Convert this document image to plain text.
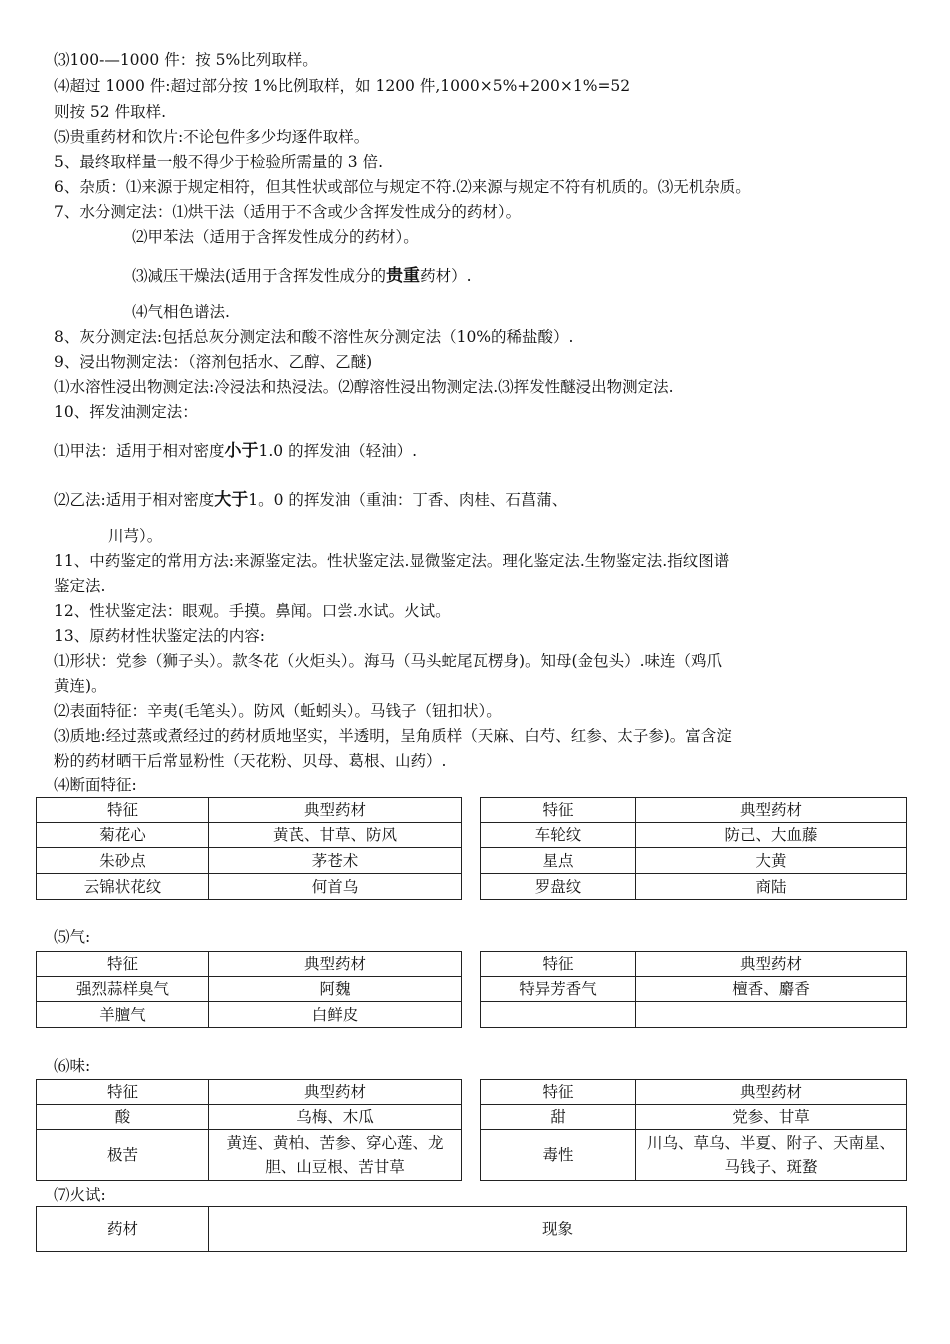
⑶100-—1000 件：按 5%比列取样。
⑷超过 1000 件:超过部分按 1%比例取样，如 1200 件,1000×5%+200×1%=52
则按 52 件取样.
⑸贵重药材和饮片:不论包件多少均逐件取样。
5、最终取样量一般不得少于检验所需量的 3 倍.
6、杂质：⑴来源于规定相符，但其性状或部位与规定不符.⑵来源与规定不符有机质的。⑶无机杂质。
7、水分测定法：⑴烘干法（适用于不含或少含挥发性成分的药材）。
⑵甲苯法（适用于含挥发性成分的药材）。
⑶减压干燥法(适用于含挥发性成分的贵重药材）.
⑷气相色谱法.
8、灰分测定法:包括总灰分测定法和酸不溶性灰分测定法（10%的稀盐酸）.
9、浸出物测定法：（溶剂包括水、乙醇、乙醚)
⑴水溶性浸出物测定法:冷浸法和热浸法。⑵醇溶性浸出物测定法.⑶挥发性醚浸出物测定法.
10、挥发油测定法：
⑴甲法：适用于相对密度小于1.0 的挥发油（轻油）.
⑵乙法:适用于相对密度大于1。0 的挥发油（重油：丁香、肉桂、石菖蒲、
川芎）。
11、中药鉴定的常用方法:来源鉴定法。性状鉴定法.显微鉴定法。理化鉴定法.生物鉴定法.指纹图谱
鉴定法.
12、性状鉴定法：眼观。手摸。鼻闻。口尝.水试。火试。
13、原药材性状鉴定法的内容:
⑴形状：党参（狮子头）。款冬花（火炬头）。海马（马头蛇尾瓦楞身)。知母(金包头）.味连（鸡爪
黄连)。
⑵表面特征：辛夷(毛笔头）。防风（蚯蚓头）。马钱子（钮扣状）。
⑶质地:经过蒸或煮经过的药材质地坚实，半透明，呈角质样（天麻、白芍、红参、太子参)。富含淀
粉的药材晒干后常显粉性（天花粉、贝母、葛根、山药）.
⑷断面特征:
⑸气:
⑹味:
⑺火试:
特征	典型药材		特征	典型药材
菊花心	黄芪、甘草、防风		车轮纹	防己、大血藤
朱砂点	茅苍术		星点	大黄
云锦状花纹	何首乌		罗盘纹	商陆
特征	典型药材		特征	典型药材
强烈蒜样臭气	阿魏		特异芳香气	檀香、麝香
羊膻气	白鲜皮			
特征	典型药材		特征	典型药材
酸	乌梅、木瓜		甜	党参、甘草
极苦	黄连、黄柏、苦参、穿心莲、龙胆、山豆根、苦甘草		毒性	川乌、草乌、半夏、附子、天南星、马钱子、斑蝥
药材	现象
